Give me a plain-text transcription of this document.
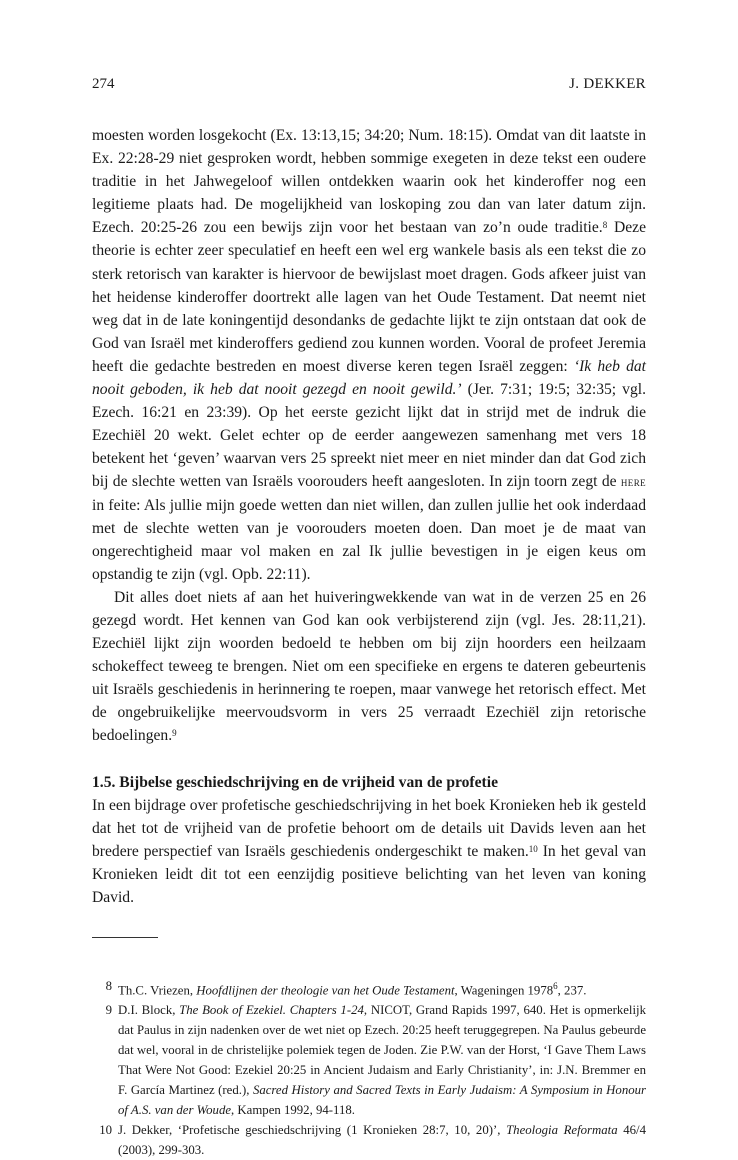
274	J. DEKKER

moesten worden losgekocht (Ex. 13:13,15; 34:20; Num. 18:15). Omdat van dit laatste in Ex. 22:28-29 niet gesproken wordt, hebben sommige exegeten in deze tekst een oudere traditie in het Jahwegeloof willen ontdekken waarin ook het kinderoffer nog een legitieme plaats had. De mogelijkheid van loskoping zou dan van later datum zijn. Ezech. 20:25-26 zou een bewijs zijn voor het bestaan van zo’n oude traditie.$^8$ Deze theorie is echter zeer speculatief en heeft een wel erg wankele basis als een tekst die zo sterk retorisch van karakter is hiervoor de bewijslast moet dragen. Gods afkeer juist van het heidense kinderoffer doortrekt alle lagen van het Oude Testament. Dat neemt niet weg dat in de late koningentijd desondanks de gedachte lijkt te zijn ontstaan dat ook de God van Israël met kinderoffers gediend zou kunnen worden. Vooral de profeet Jeremia heeft die gedachte bestreden en moest diverse keren tegen Israël zeggen: ‘Ik heb dat nooit geboden, ik heb dat nooit gezegd en nooit gewild.’ (Jer. 7:31; 19:5; 32:35; vgl. Ezech. 16:21 en 23:39). Op het eerste gezicht lijkt dat in strijd met de indruk die Ezechiël 20 wekt. Gelet echter op de eerder aangewezen samenhang met vers 18 betekent het ‘geven’ waarvan vers 25 spreekt niet meer en niet minder dan dat God zich bij de slechte wetten van Israëls voorouders heeft aangesloten. In zijn toorn zegt de here in feite: Als jullie mijn goede wetten dan niet willen, dan zullen jullie het ook inderdaad met de slechte wetten van je voorouders moeten doen. Dan moet je de maat van ongerechtigheid maar vol maken en zal Ik jullie bevestigen in je eigen keus om opstandig te zijn (vgl. Opb. 22:11).

Dit alles doet niets af aan het huiveringwekkende van wat in de verzen 25 en 26 gezegd wordt. Het kennen van God kan ook verbijsterend zijn (vgl. Jes. 28:11,21). Ezechiël lijkt zijn woorden bedoeld te hebben om bij zijn hoorders een heilzaam schokeffect teweeg te brengen. Niet om een specifieke en ergens te dateren gebeurtenis uit Israëls geschiedenis in herinnering te roepen, maar vanwege het retorisch effect. Met de ongebruikelijke meervoudsvorm in vers 25 verraadt Ezechiël zijn retorische bedoelingen.$^9$

1.5. Bijbelse geschiedschrijving en de vrijheid van de profetie

In een bijdrage over profetische geschiedschrijving in het boek Kronieken heb ik gesteld dat het tot de vrijheid van de profetie behoort om de details uit Davids leven aan het bredere perspectief van Israëls geschiedenis ondergeschikt te maken.$^{10}$ In het geval van Kronieken leidt dit tot een eenzijdig positieve belichting van het leven van koning David.

8 Th.C. Vriezen, Hoofdlijnen der theologie van het Oude Testament, Wageningen 1978$^6$, 237.
9 D.I. Block, The Book of Ezekiel. Chapters 1-24, NICOT, Grand Rapids 1997, 640. Het is opmerkelijk dat Paulus in zijn nadenken over de wet niet op Ezech. 20:25 heeft teruggegrepen. Na Paulus gebeurde dat wel, vooral in de christelijke polemiek tegen de Joden. Zie P.W. van der Horst, ‘I Gave Them Laws That Were Not Good: Ezekiel 20:25 in Ancient Judaism and Early Christianity’, in: J.N. Bremmer en F. García Martinez (red.), Sacred History and Sacred Texts in Early Judaism: A Symposium in Honour of A.S. van der Woude, Kampen 1992, 94-118.
10 J. Dekker, ‘Profetische geschiedschrijving (1 Kronieken 28:7, 10, 20)’, Theologia Reformata 46/4 (2003), 299-303.
